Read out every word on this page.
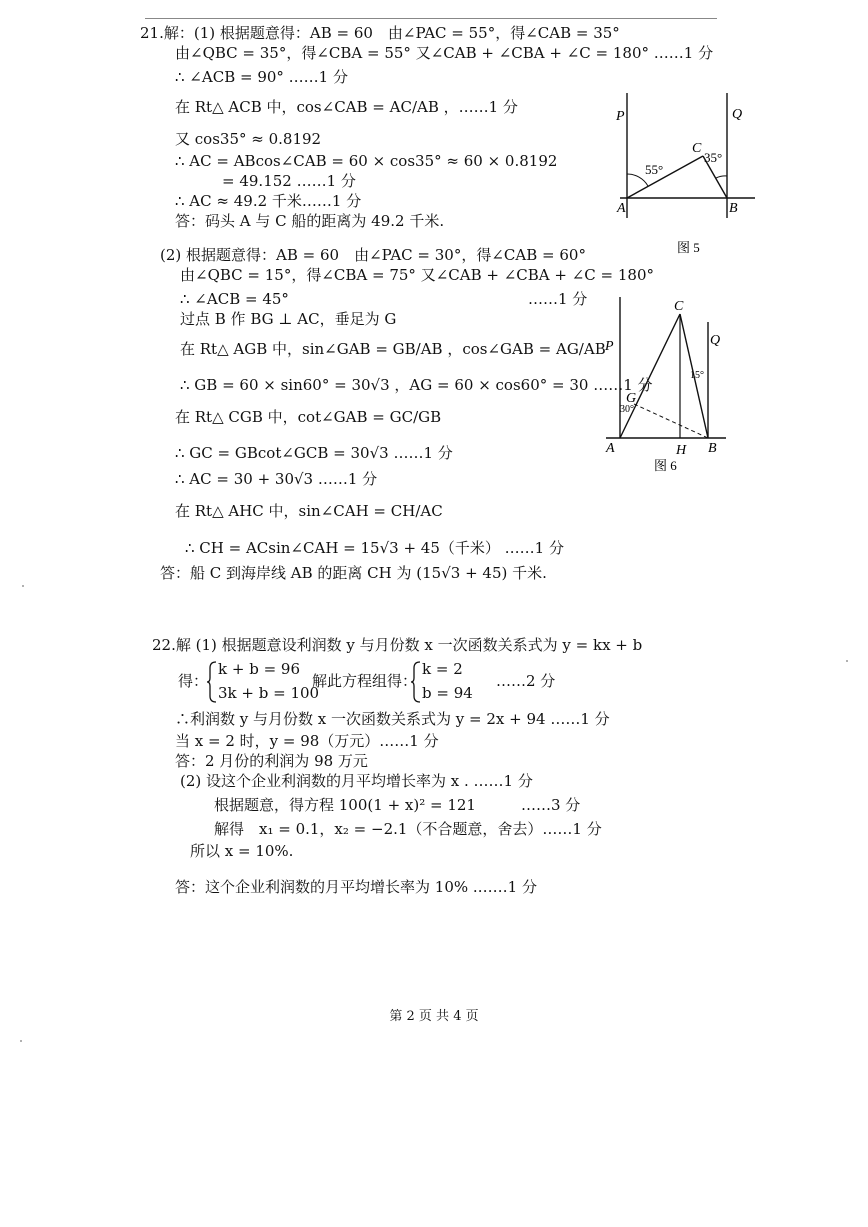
21.解：(1) 根据题意得：AB = 60　由∠PAC = 55°，得∠CAB = 35°
由∠QBC = 35°，得∠CBA = 55° 又∠CAB + ∠CBA + ∠C = 180° ……1 分
∴ ∠ACB = 90° ……1 分
在 Rt△ ACB 中，cos∠CAB = AC/AB ，……1 分
又 cos35° ≈ 0.8192
∴ AC = ABcos∠CAB = 60 × cos35° ≈ 60 × 0.8192
= 49.152 ……1 分
∴ AC ≈ 49.2 千米……1 分
答：码头 A 与 C 船的距离为 49.2 千米.
P	Q
C
55°
35°
A	B
图 5
(2) 根据题意得：AB = 60　由∠PAC = 30°，得∠CAB = 60°
由∠QBC = 15°，得∠CBA = 75° 又∠CAB + ∠CBA + ∠C = 180°
∴ ∠ACB = 45°	……1 分
过点 B 作 BG ⊥ AC，垂足为 G
在 Rt△ AGB 中，sin∠GAB = GB/AB ，cos∠GAB = AG/AB
∴ GB = 60 × sin60° = 30√3 ，AG = 60 × cos60° = 30 ……1 分
在 Rt△ CGB 中，cot∠GAB = GC/GB
∴ GC = GBcot∠GCB = 30√3 ……1 分
∴ AC = 30 + 30√3 ……1 分
在 Rt△ AHC 中，sin∠CAH = CH/AC
∴ CH = ACsin∠CAH = 15√3 + 45（千米） ……1 分
答：船 C 到海岸线 AB 的距离 CH 为 (15√3 + 45) 千米.
P	Q
C
G
30°
15°
A	H B
图 6
22.解 (1) 根据题意设利润数 y 与月份数 x 一次函数关系式为 y = kx + b
得：
k + b = 96
3k + b = 100
解此方程组得：
k = 2
b = 94
……2 分
∴利润数 y 与月份数 x 一次函数关系式为 y = 2x + 94 ……1 分
当 x = 2 时，y = 98（万元）……1 分
答：2 月份的利润为 98 万元
(2) 设这个企业利润数的月平均增长率为 x . ……1 分
根据题意，得方程 100(1 + x)² = 121　　　……3 分
解得　x₁ = 0.1，x₂ = −2.1（不合题意，舍去）……1 分
所以 x = 10%.
答：这个企业利润数的月平均增长率为 10% .……1 分
第 2 页 共 4 页
